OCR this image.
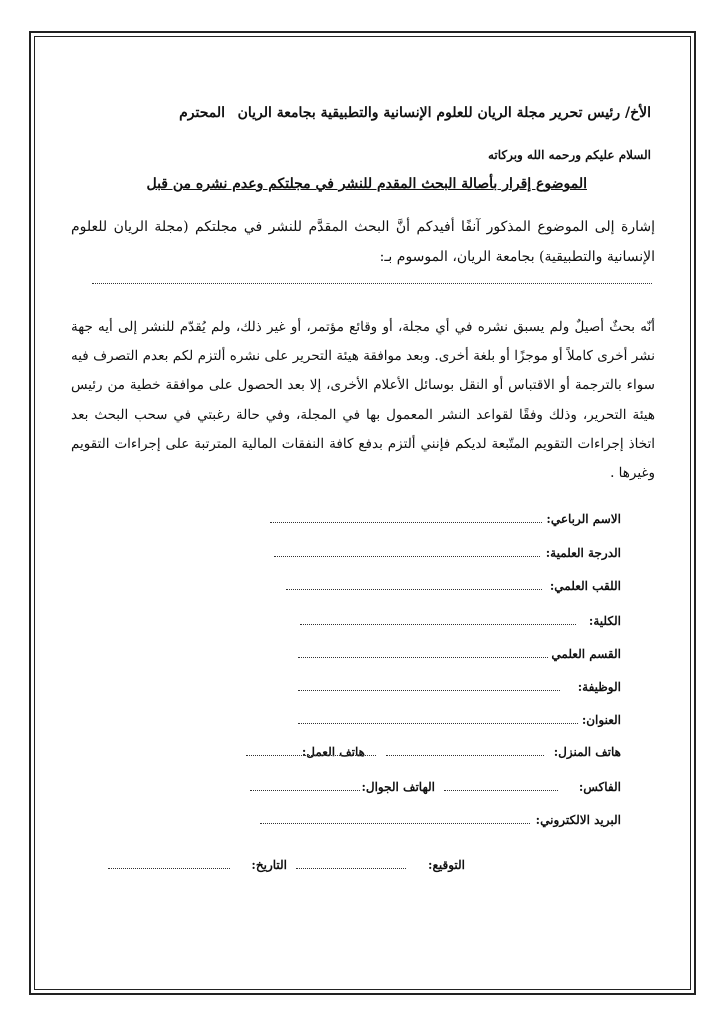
الأخ/ رئيس تحرير مجلة الريان للعلوم الإنسانية والتطبيقية بجامعة الريان
المحترم
السلام عليكم ورحمه الله وبركاته
الموضوع إقرار بأصالة البحث المقدم للنشر في مجلتكم وعدم نشره من قبل
إشارة إلى الموضوع المذكور آنفًا أفيدكم أنَّ البحث المقدَّم للنشر في مجلتكم (مجلة الريان للعلوم الإنسانية والتطبيقية) بجامعة الريان، الموسوم بـ:
أنّه بحثٌ أصيلٌ ولم يسبق نشره في أي مجلة، أو وقائع مؤتمر، أو غير ذلك، ولم يُقدّم للنشر إلى أيه جهة نشر أخرى كاملاً أو موجزًا أو بلغة أخرى. وبعد موافقة هيئة التحرير على نشره ألتزم لكم بعدم التصرف فيه سواء بالترجمة أو الاقتباس أو النقل بوسائل الأعلام الأخرى، إلا بعد الحصول على موافقة خطية من رئيس هيئة التحرير، وذلك وفقًا لقواعد النشر المعمول بها في المجلة، وفي حالة رغبتي في سحب البحث بعد اتخاذ إجراءات التقويم المتّبعة لديكم فإنني ألتزم بدفع كافة النفقات المالية المترتبة على إجراءات التقويم وغيرها .
الاسم الرباعي:
الدرجة العلمية:
اللقب العلمي:
الكلية:
القسم العلمي
الوظيفة:
العنوان:
هاتف المنزل:
هاتف العمل:
الفاكس:
الهاتف الجوال:
البريد الالكتروني:
التوقيع:
التاريخ:
